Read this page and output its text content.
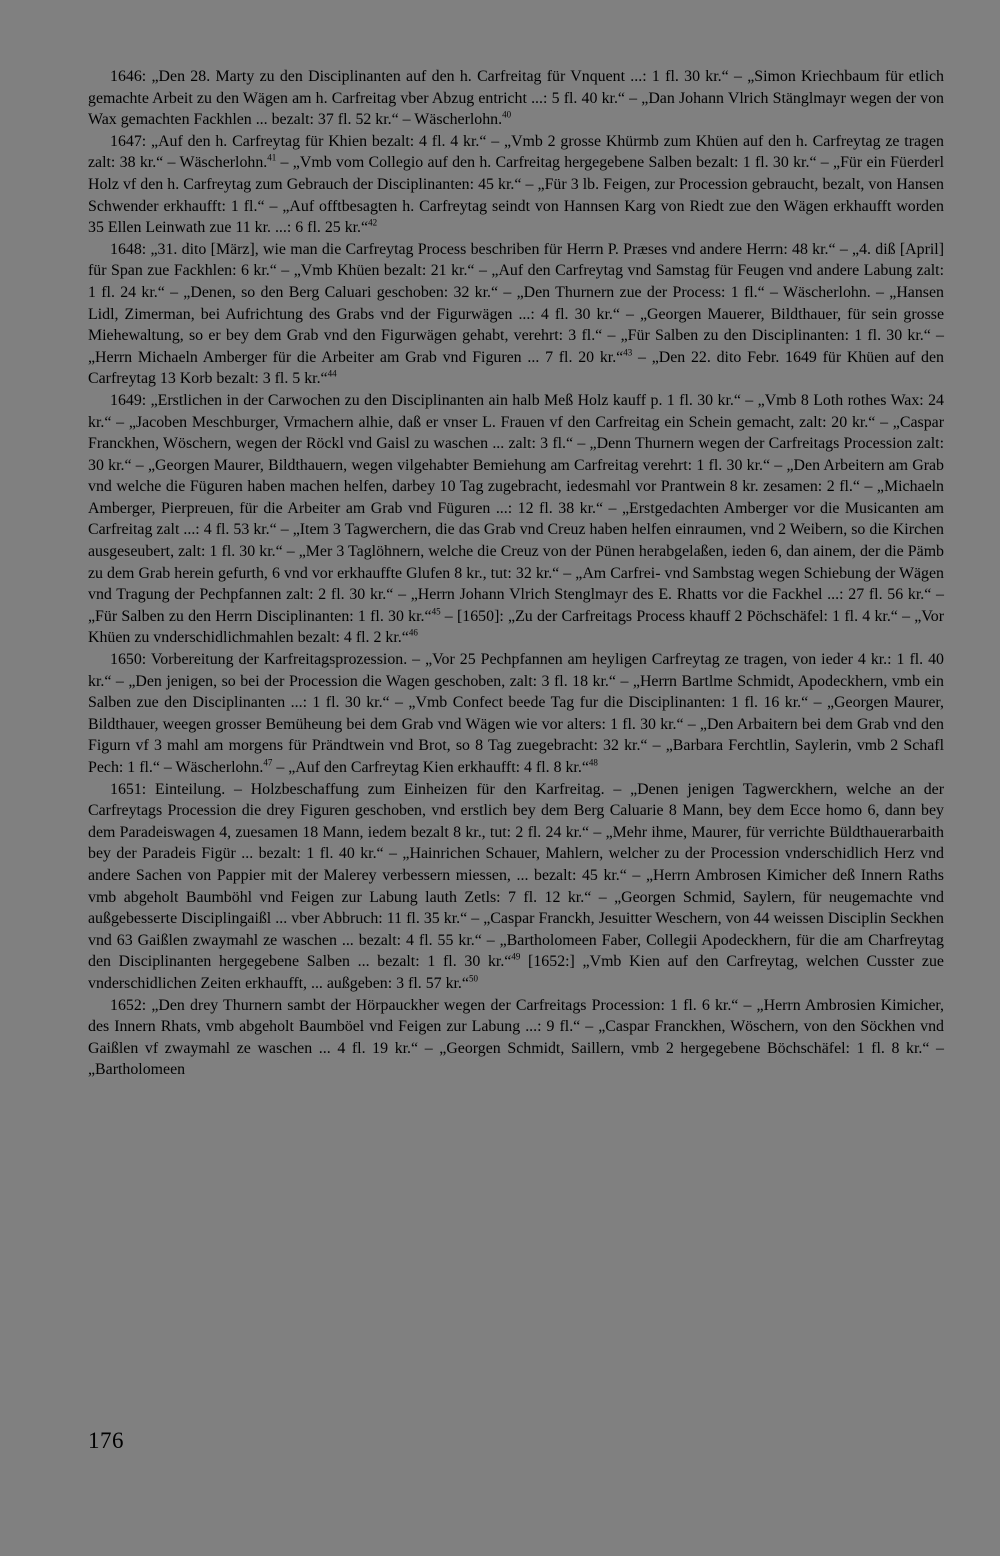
1646: „Den 28. Marty zu den Disciplinanten auf den h. Carfreitag für Vnquent ...: 1 fl. 30 kr.“ – „Simon Kriechbaum für etlich gemachte Arbeit zu den Wägen am h. Carfreitag vber Abzug entricht ...: 5 fl. 40 kr.“ – „Dan Johann Vlrich Stänglmayr wegen der von Wax gemachten Fackhlen ... bezalt: 37 fl. 52 kr.“ – Wäscherlohn.$^{40}$

1647: „Auf den h. Carfreytag für Khien bezalt: 4 fl. 4 kr.“ – „Vmb 2 grosse Khürmb zum Khüen auf den h. Carfreytag ze tragen zalt: 38 kr.“ – Wäscherlohn.$^{41}$ – „Vmb vom Collegio auf den h. Carfreitag hergegebene Salben bezalt: 1 fl. 30 kr.“ – „Für ein Füerderl Holz vf den h. Carfreytag zum Gebrauch der Disciplinanten: 45 kr.“ – „Für 3 lb. Feigen, zur Procession gebraucht, bezalt, von Hansen Schwender erkhaufft: 1 fl.“ – „Auf offtbesagten h. Carfreytag seindt von Hannsen Karg von Riedt zue den Wägen erkhaufft worden 35 Ellen Leinwath zue 11 kr. ...: 6 fl. 25 kr.“$^{42}$

1648: „31. dito [März], wie man die Carfreytag Process beschriben für Herrn P. Præses vnd andere Herrn: 48 kr.“ – „4. diß [April] für Span zue Fackhlen: 6 kr.“ – „Vmb Khüen bezalt: 21 kr.“ – „Auf den Carfreytag vnd Samstag für Feugen vnd andere Labung zalt: 1 fl. 24 kr.“ – „Denen, so den Berg Caluari geschoben: 32 kr.“ – „Den Thurnern zue der Process: 1 fl.“ – Wäscherlohn. – „Hansen Lidl, Zimerman, bei Aufrichtung des Grabs vnd der Figurwägen ...: 4 fl. 30 kr.“ – „Georgen Mauerer, Bildthauer, für sein grosse Miehewaltung, so er bey dem Grab vnd den Figurwägen gehabt, verehrt: 3 fl.“ – „Für Salben zu den Disciplinanten: 1 fl. 30 kr.“ – „Herrn Michaeln Amberger für die Arbeiter am Grab vnd Figuren ... 7 fl. 20 kr.“$^{43}$ – „Den 22. dito Febr. 1649 für Khüen auf den Carfreytag 13 Korb bezalt: 3 fl. 5 kr.“$^{44}$

1649: „Erstlichen in der Carwochen zu den Disciplinanten ain halb Meß Holz kauff p. 1 fl. 30 kr.“ – „Vmb 8 Loth rothes Wax: 24 kr.“ – „Jacoben Meschburger, Vrmachern alhie, daß er vnser L. Frauen vf den Carfreitag ein Schein gemacht, zalt: 20 kr.“ – „Caspar Franckhen, Wöschern, wegen der Röckl vnd Gaisl zu waschen ... zalt: 3 fl.“ – „Denn Thurnern wegen der Carfreitags Procession zalt: 30 kr.“ – „Georgen Maurer, Bildthauern, wegen vilgehabter Bemiehung am Carfreitag verehrt: 1 fl. 30 kr.“ – „Den Arbeitern am Grab vnd welche die Füguren haben machen helfen, darbey 10 Tag zugebracht, iedesmahl vor Prantwein 8 kr. zesamen: 2 fl.“ – „Michaeln Amberger, Pierpreuen, für die Arbeiter am Grab vnd Füguren ...: 12 fl. 38 kr.“ – „Erstgedachten Amberger vor die Musicanten am Carfreitag zalt ...: 4 fl. 53 kr.“ – „Item 3 Tagwerchern, die das Grab vnd Creuz haben helfen einraumen, vnd 2 Weibern, so die Kirchen ausgeseubert, zalt: 1 fl. 30 kr.“ – „Mer 3 Taglöhnern, welche die Creuz von der Pünen herabgelaßen, ieden 6, dan ainem, der die Pämb zu dem Grab herein gefurth, 6 vnd vor erkhauffte Glufen 8 kr., tut: 32 kr.“ – „Am Carfrei- vnd Sambstag wegen Schiebung der Wägen vnd Tragung der Pechpfannen zalt: 2 fl. 30 kr.“ – „Herrn Johann Vlrich Stenglmayr des E. Rhatts vor die Fackhel ...: 27 fl. 56 kr.“ – „Für Salben zu den Herrn Disciplinanten: 1 fl. 30 kr.“$^{45}$ – [1650]: „Zu der Carfreitags Process khauff 2 Pöchschäfel: 1 fl. 4 kr.“ – „Vor Khüen zu vnderschidlichmahlen bezalt: 4 fl. 2 kr.“$^{46}$

1650: Vorbereitung der Karfreitagsprozession. – „Vor 25 Pechpfannen am heyligen Carfreytag ze tragen, von ieder 4 kr.: 1 fl. 40 kr.“ – „Den jenigen, so bei der Procession die Wagen geschoben, zalt: 3 fl. 18 kr.“ – „Herrn Bartlme Schmidt, Apodeckhern, vmb ein Salben zue den Disciplinanten ...: 1 fl. 30 kr.“ – „Vmb Confect beede Tag fur die Disciplinanten: 1 fl. 16 kr.“ – „Georgen Maurer, Bildthauer, weegen grosser Bemüheung bei dem Grab vnd Wägen wie vor alters: 1 fl. 30 kr.“ – „Den Arbaitern bei dem Grab vnd den Figurn vf 3 mahl am morgens für Prändtwein vnd Brot, so 8 Tag zuegebracht: 32 kr.“ – „Barbara Ferchtlin, Saylerin, vmb 2 Schafl Pech: 1 fl.“ – Wäscherlohn.$^{47}$ – „Auf den Carfreytag Kien erkhaufft: 4 fl. 8 kr.“$^{48}$

1651: Einteilung. – Holzbeschaffung zum Einheizen für den Karfreitag. – „Denen jenigen Tagwerckhern, welche an der Carfreytags Procession die drey Figuren geschoben, vnd erstlich bey dem Berg Caluarie 8 Mann, bey dem Ecce homo 6, dann bey dem Paradeiswagen 4, zuesamen 18 Mann, iedem bezalt 8 kr., tut: 2 fl. 24 kr.“ – „Mehr ihme, Maurer, für verrichte Büldthauerarbaith bey der Paradeis Figür ... bezalt: 1 fl. 40 kr.“ – „Hainrichen Schauer, Mahlern, welcher zu der Procession vnderschidlich Herz vnd andere Sachen von Pappier mit der Malerey verbessern miessen, ... bezalt: 45 kr.“ – „Herrn Ambrosen Kimicher deß Innern Raths vmb abgeholt Baumböhl vnd Feigen zur Labung lauth Zetls: 7 fl. 12 kr.“ – „Georgen Schmid, Saylern, für neugemachte vnd außgebesserte Disciplingaißl ... vber Abbruch: 11 fl. 35 kr.“ – „Caspar Franckh, Jesuitter Weschern, von 44 weissen Disciplin Seckhen vnd 63 Gaißlen zwaymahl ze waschen ... bezalt: 4 fl. 55 kr.“ – „Bartholomeen Faber, Collegii Apodeckhern, für die am Charfreytag den Disciplinanten hergegebene Salben ... bezalt: 1 fl. 30 kr.“$^{49}$ [1652:] „Vmb Kien auf den Carfreytag, welchen Cusster zue vnderschidlichen Zeiten erkhaufft, ... außgeben: 3 fl. 57 kr.“$^{50}$

1652: „Den drey Thurnern sambt der Hörpauckher wegen der Carfreitags Procession: 1 fl. 6 kr.“ – „Herrn Ambrosien Kimicher, des Innern Rhats, vmb abgeholt Baumböel vnd Feigen zur Labung ...: 9 fl.“ – „Caspar Franckhen, Wöschern, von den Söckhen vnd Gaißlen vf zwaymahl ze waschen ... 4 fl. 19 kr.“ – „Georgen Schmidt, Saillern, vmb 2 hergegebene Böchschäfel: 1 fl. 8 kr.“ – „Bartholomeen

176
